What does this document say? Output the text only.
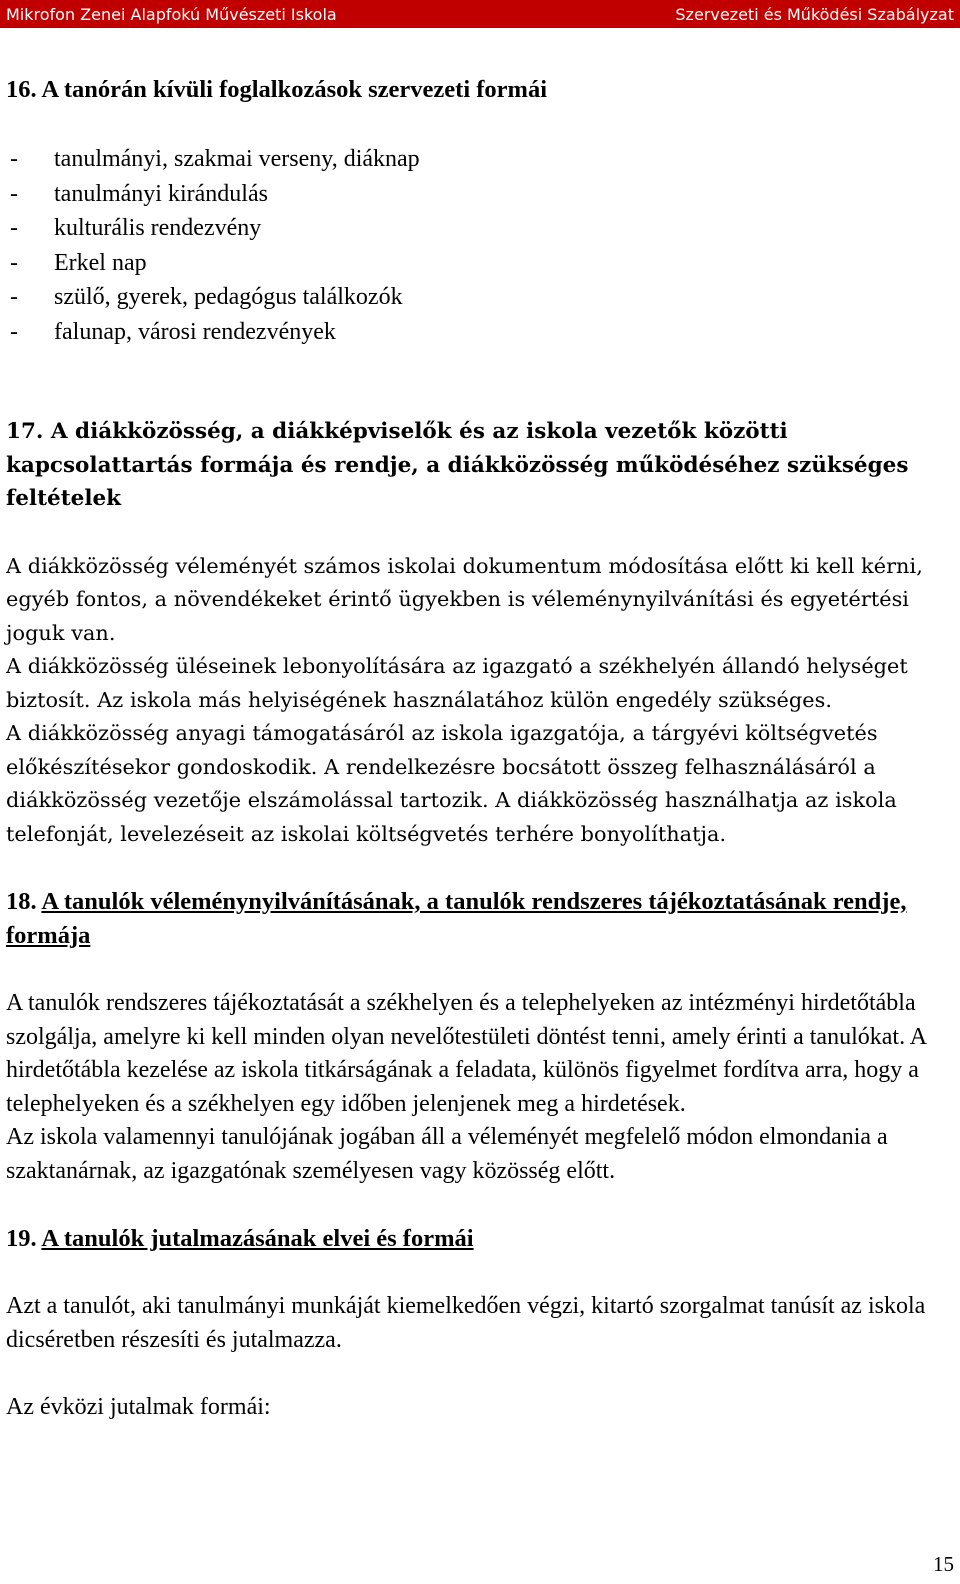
Mikrofon Zenei Alapfokú Művészeti Iskola	Szervezeti és Működési Szabályzat
16. A tanórán kívüli foglalkozások szervezeti formái
- tanulmányi, szakmai verseny, diáknap
- tanulmányi kirándulás
- kulturális rendezvény
- Erkel nap
- szülő, gyerek, pedagógus találkozók
- falunap, városi rendezvények
17. A diákközösség, a diákképviselők és az iskola vezetők közötti kapcsolattartás formája és rendje, a diákközösség működéséhez szükséges feltételek

A diákközösség véleményét számos iskolai dokumentum módosítása előtt ki kell kérni, egyéb fontos, a növendékeket érintő ügyekben is véleménynyilvánítási és egyetértési joguk van.

A diákközösség üléseinek lebonyolítására az igazgató a székhelyén állandó helységet biztosít. Az iskola más helyiségének használatához külön engedély szükséges.

A diákközösség anyagi támogatásáról az iskola igazgatója, a tárgyévi költségvetés előkészítésekor gondoskodik. A rendelkezésre bocsátott összeg felhasználásáról a diákközösség vezetője elszámolással tartozik. A diákközösség használhatja az iskola telefonját, levelezéseit az iskolai költségvetés terhére bonyolíthatja.

18. A tanulók véleménynyilvánításának, a tanulók rendszeres tájékoztatásának rendje, formája

A tanulók rendszeres tájékoztatását a székhelyen és a telephelyeken az intézményi hirdetőtábla szolgálja, amelyre ki kell minden olyan nevelőtestületi döntést tenni, amely érinti a tanulókat. A hirdetőtábla kezelése az iskola titkárságának a feladata, különös figyelmet fordítva arra, hogy a telephelyeken és a székhelyen egy időben jelenjenek meg a hirdetések.

Az iskola valamennyi tanulójának jogában áll a véleményét megfelelő módon elmondania a szaktanárnak, az igazgatónak személyesen vagy közösség előtt.

19. A tanulók jutalmazásának elvei és formái

Azt a tanulót, aki tanulmányi munkáját kiemelkedően végzi, kitartó szorgalmat tanúsít az iskola dicséretben részesíti és jutalmazza.

Az évközi jutalmak formái:

15
